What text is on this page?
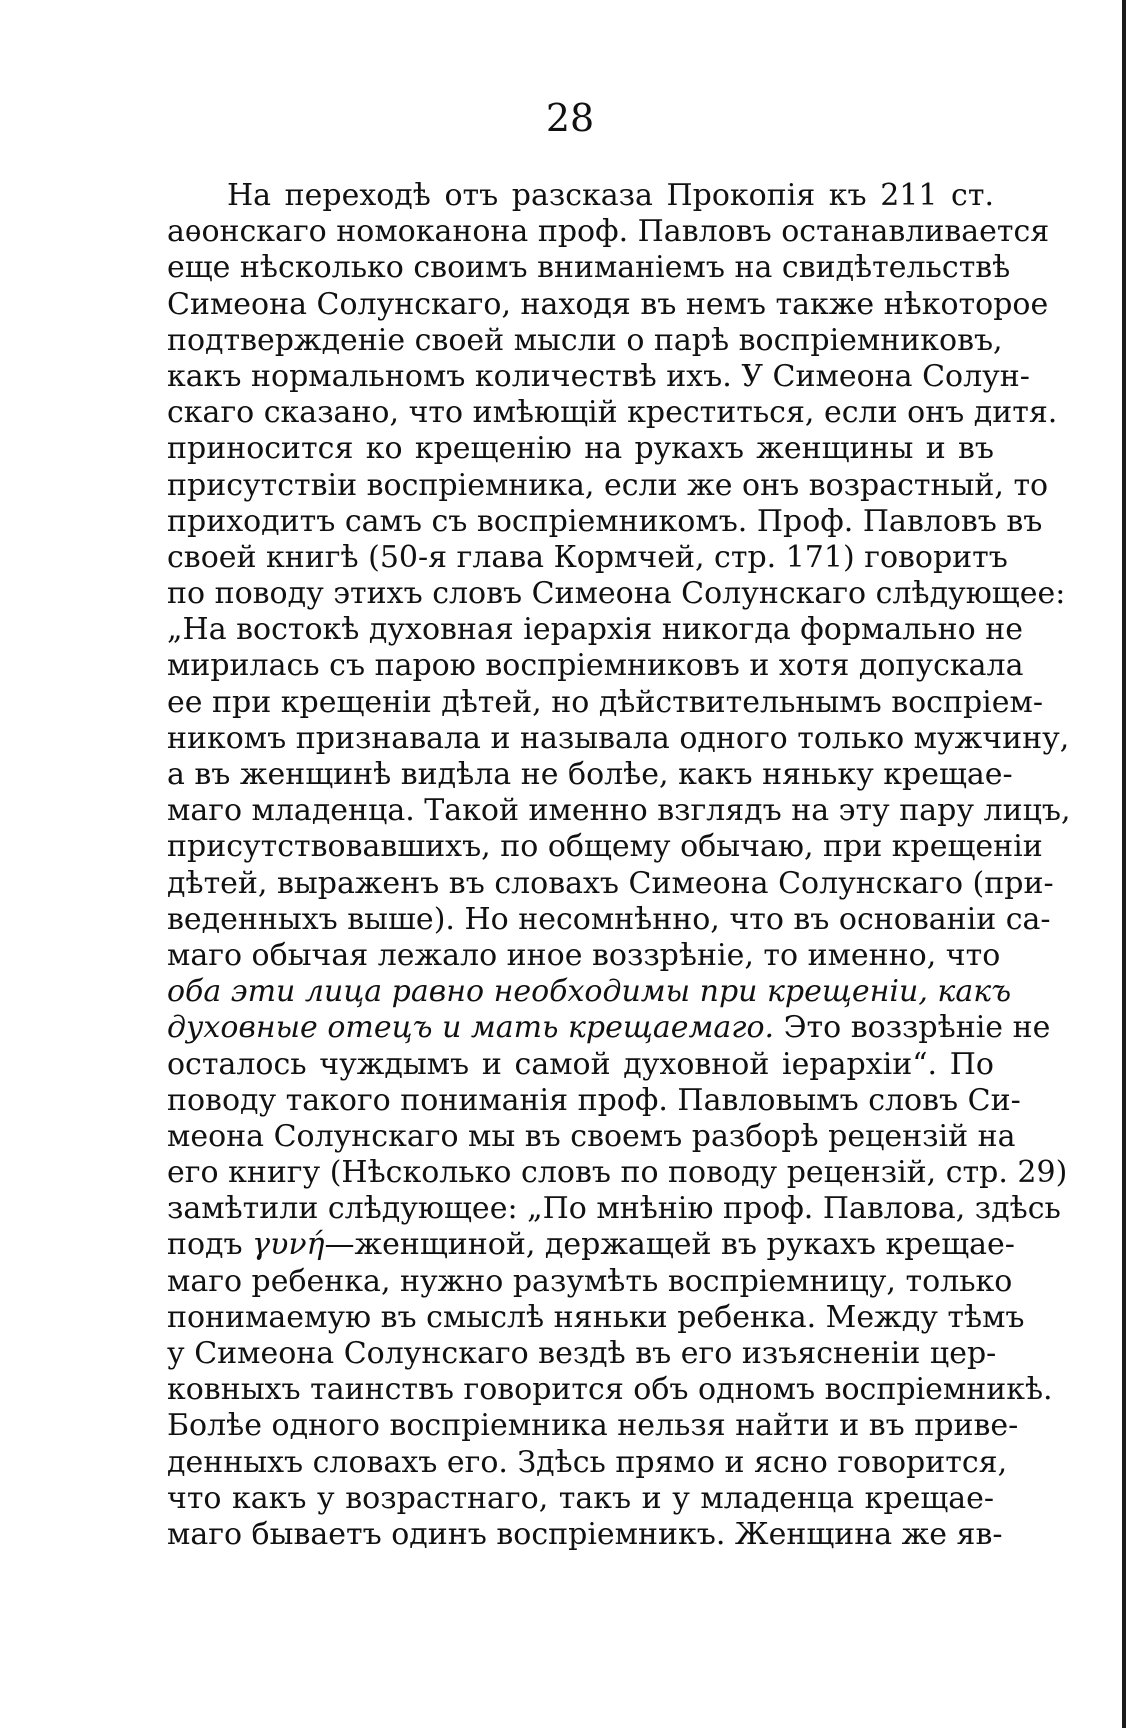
28
На переходѣ отъ разсказа Прокопія къ 211 ст.
аѳонскаго номоканона проф. Павловъ останавливается
еще нѣсколько своимъ вниманіемъ на свидѣтельствѣ
Симеона Солунскаго, находя въ немъ также нѣкоторое
подтвержденіе своей мысли о парѣ воспріемниковъ,
какъ нормальномъ количествѣ ихъ. У Симеона Солун-
скаго сказано, что имѣющій креститься, если онъ дитя.
приносится ко крещенію на рукахъ женщины и въ
присутствіи воспріемника, если же онъ возрастный, то
приходитъ самъ съ воспріемникомъ. Проф. Павловъ въ
своей книгѣ (50-я глава Кормчей, стр. 171) говоритъ
по поводу этихъ словъ Симеона Солунскаго слѣдующее:
„На востокѣ духовная іерархія никогда формально не
мирилась съ парою воспріемниковъ и хотя допускала
ее при крещеніи дѣтей, но дѣйствительнымъ воспріем-
никомъ признавала и называла одного только мужчину,
а въ женщинѣ видѣла не болѣе, какъ няньку крещае-
маго младенца. Такой именно взглядъ на эту пару лицъ,
присутствовавшихъ, по общему обычаю, при крещеніи
дѣтей, выраженъ въ словахъ Симеона Солунскаго (при-
веденныхъ выше). Но несомнѣнно, что въ основаніи са-
маго обычая лежало иное воззрѣніе, то именно, что
оба эти лица равно необходимы при крещеніи, какъ
духовные отецъ и мать крещаемаго. Это воззрѣніе не
осталось чуждымъ и самой духовной іерархіи“. По
поводу такого пониманія проф. Павловымъ словъ Си-
меона Солунскаго мы въ своемъ разборѣ рецензій на
его книгу (Нѣсколько словъ по поводу рецензій, стр. 29)
замѣтили слѣдующее: „По мнѣнію проф. Павлова, здѣсь
подъ γυνή—женщиной, держащей въ рукахъ крещае-
маго ребенка, нужно разумѣть воспріемницу, только
понимаемую въ смыслѣ няньки ребенка. Между тѣмъ
у Симеона Солунскаго вездѣ въ его изъясненіи цер-
ковныхъ таинствъ говорится объ одномъ воспріемникѣ.
Болѣе одного воспріемника нельзя найти и въ приве-
денныхъ словахъ его. Здѣсь прямо и ясно говорится,
что какъ у возрастнаго, такъ и у младенца крещае-
маго бываетъ одинъ воспріемникъ. Женщина же яв-
